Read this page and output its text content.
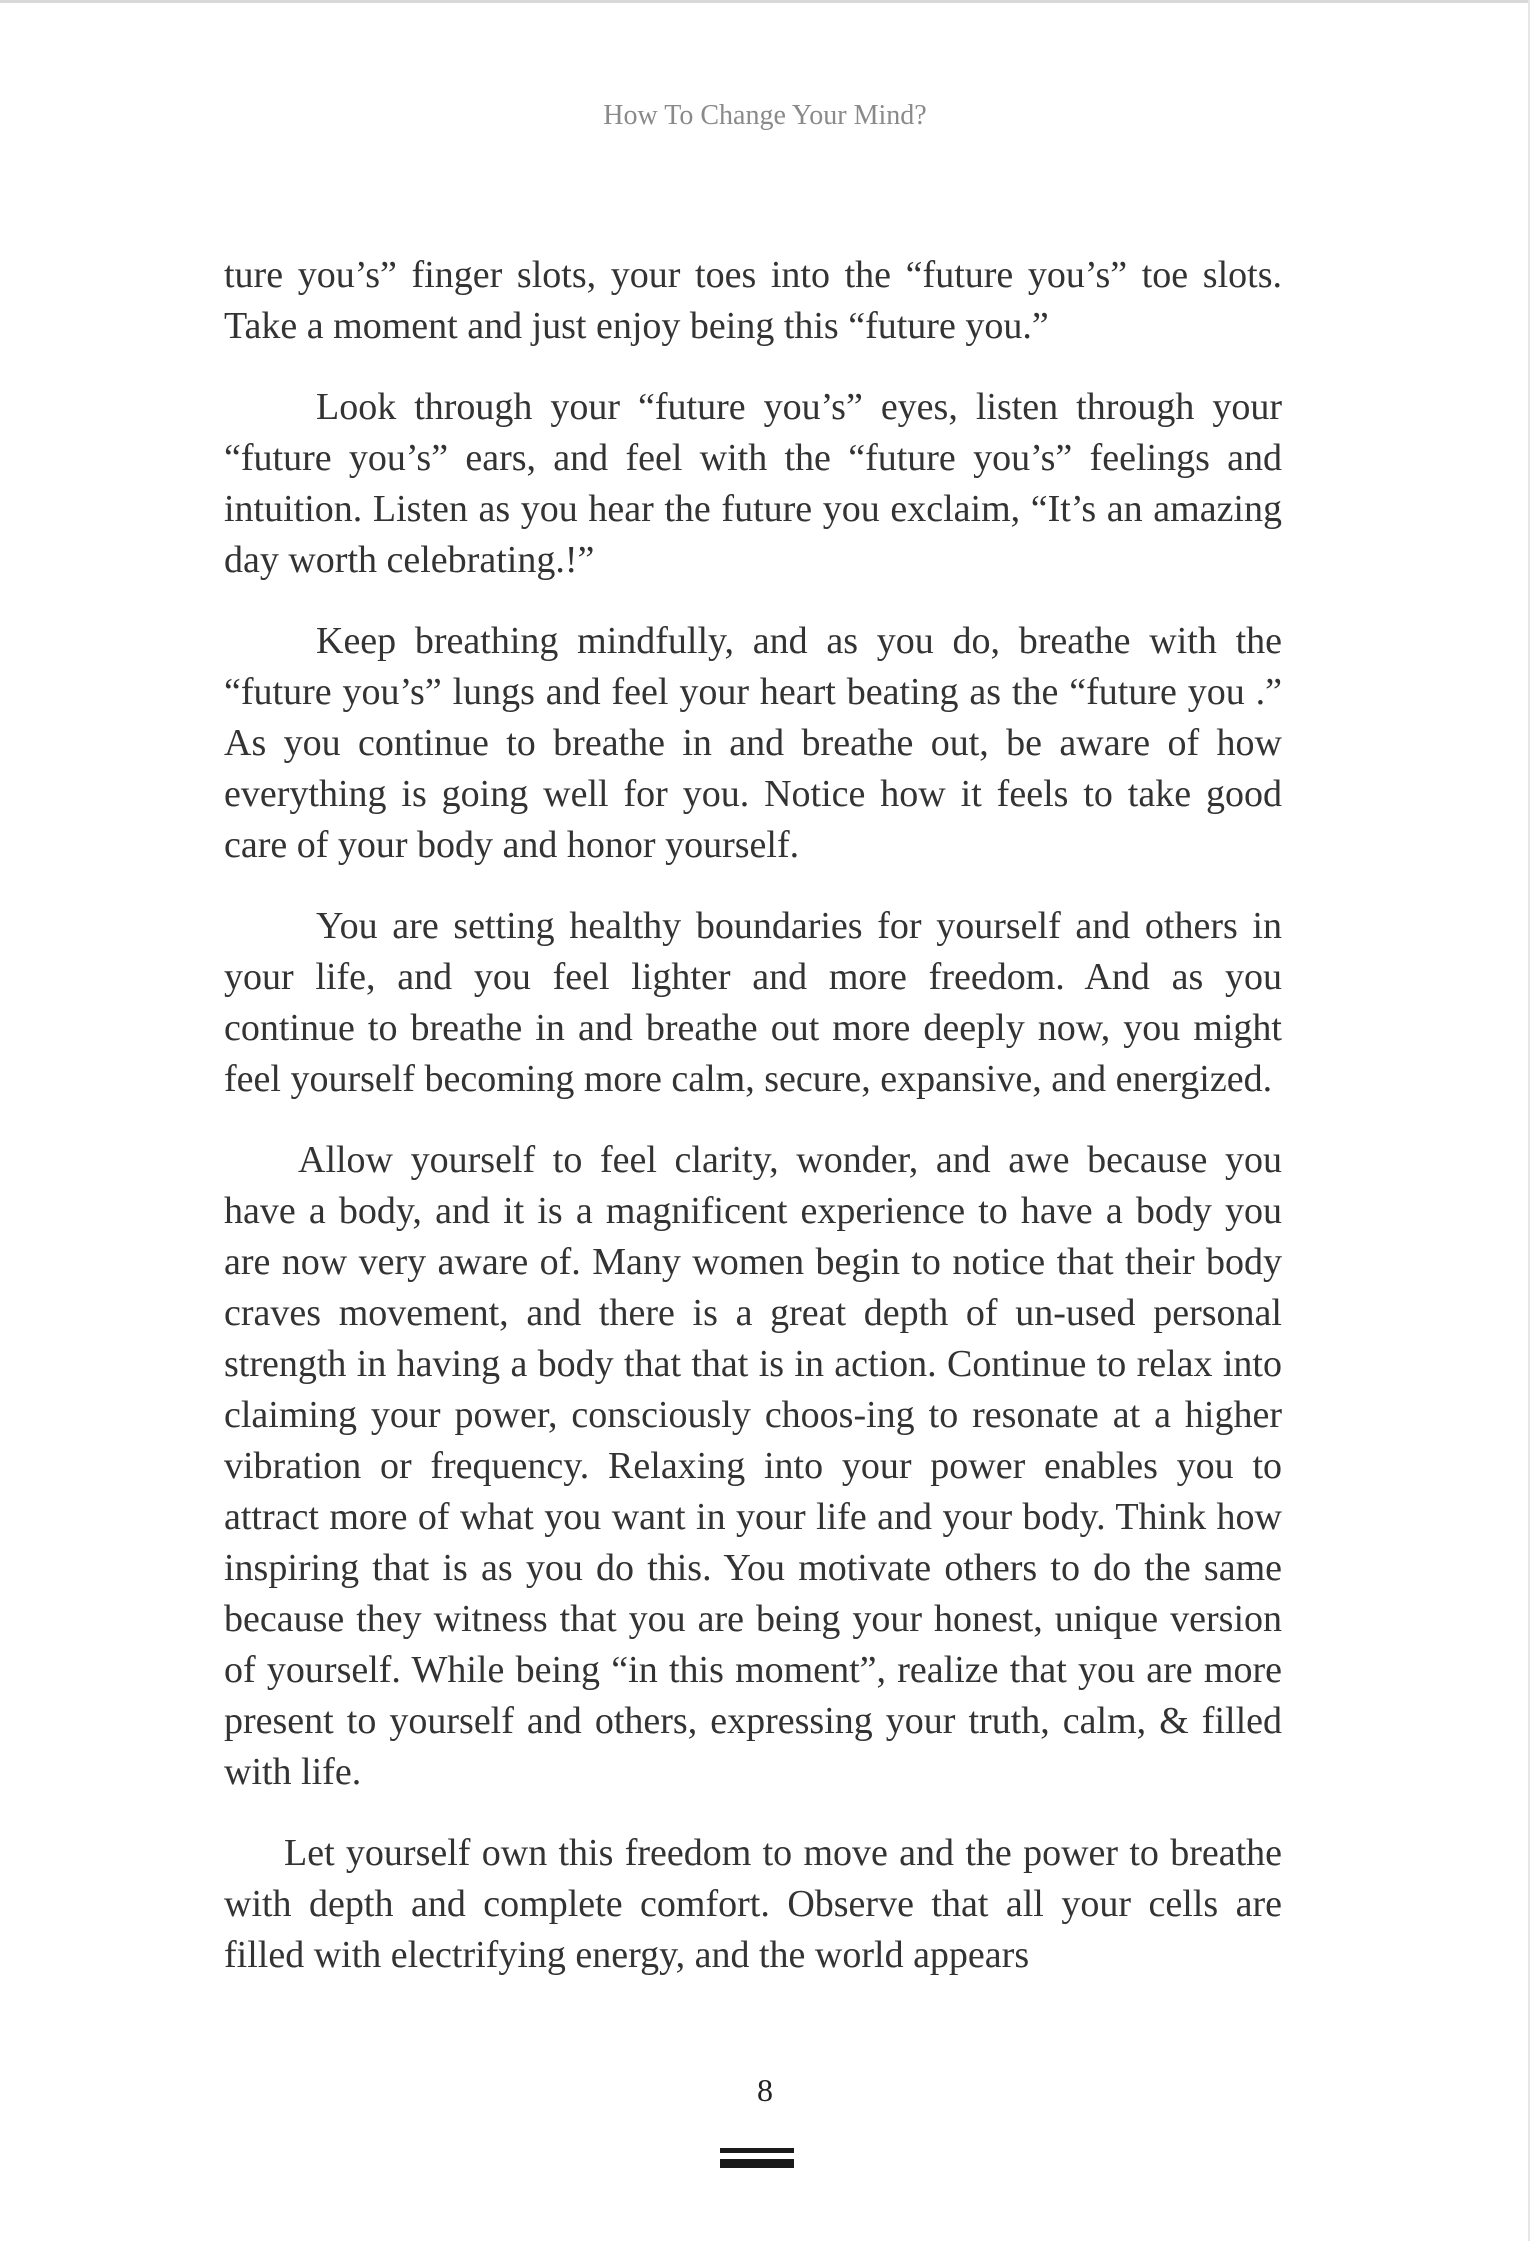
How To Change Your Mind?

ture you’s” finger slots, your toes into the “future you’s” toe slots. Take a moment and just enjoy being this “future you.”

Look through your “future you’s” eyes, listen through your “future you’s” ears, and feel with the “future you’s” feelings and intuition. Listen as you hear the future you exclaim, “It’s an amazing day worth celebrating.!”

Keep breathing mindfully, and as you do, breathe with the “future you’s” lungs and feel your heart beating as the “future you .” As you continue to breathe in and breathe out, be aware of how everything is going well for you. Notice how it feels to take good care of your body and honor yourself.

You are setting healthy boundaries for yourself and others in your life, and you feel lighter and more freedom. And as you continue to breathe in and breathe out more deeply now, you might feel yourself becoming more calm, secure, expansive, and energized.

Allow yourself to feel clarity, wonder, and awe because you have a body, and it is a magnificent experience to have a body you are now very aware of. Many women begin to notice that their body craves movement, and there is a great depth of un-used personal strength in having a body that that is in action. Continue to relax into claiming your power, consciously choos-ing to resonate at a higher vibration or frequency. Relaxing into your power enables you to attract more of what you want in your life and your body. Think how inspiring that is as you do this. You motivate others to do the same because they witness that you are being your honest, unique version of yourself. While being “in this moment”, realize that you are more present to yourself and others, expressing your truth, calm, & filled with life.

Let yourself own this freedom to move and the power to breathe with depth and complete comfort. Observe that all your cells are filled with electrifying energy, and the world appears

8
